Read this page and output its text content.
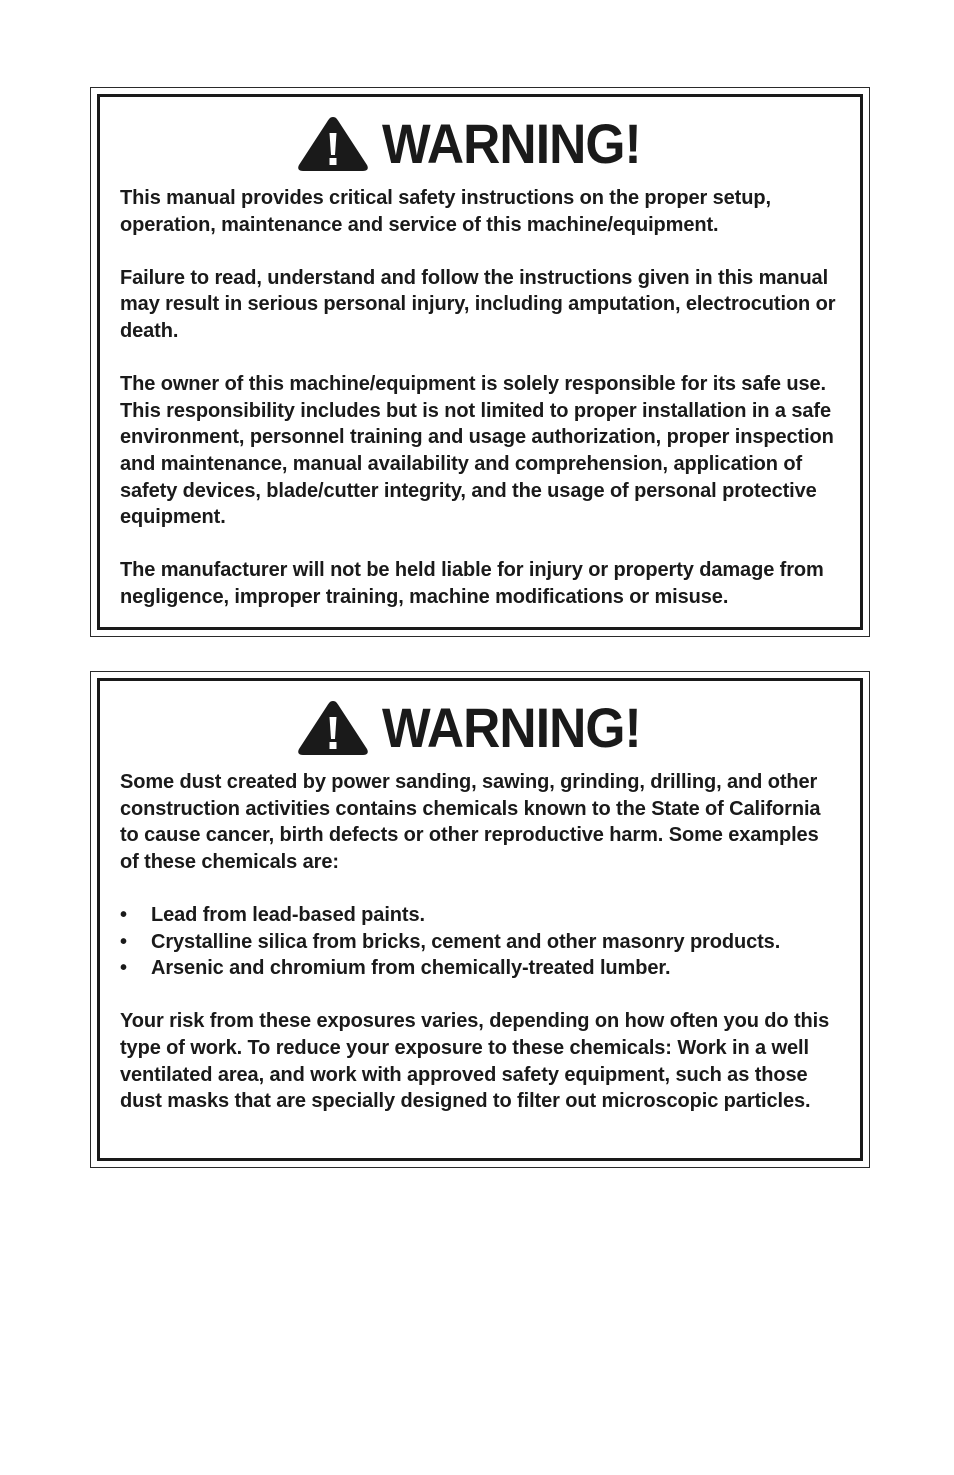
WARNING!

This manual provides critical safety instructions on the proper setup, operation, maintenance and service of this machine/equipment.

Failure to read, understand and follow the instructions given in this manual may result in serious personal injury, including amputation, electrocution or death.

The owner of this machine/equipment is solely responsible for its safe use. This responsibility includes but is not limited to proper installation in a safe environment, personnel training and usage authorization, proper inspection and maintenance, manual availability and comprehension, application of safety devices, blade/cutter integrity, and the usage of personal protective equipment.

The manufacturer will not be held liable for injury or property damage from negligence, improper training, machine modifications or misuse.

WARNING!

Some dust created by power sanding, sawing, grinding, drilling, and other construction activities contains chemicals known to the State of California to cause cancer, birth defects or other reproductive harm. Some examples of these chemicals are:

• Lead from lead-based paints.
• Crystalline silica from bricks, cement and other masonry products.
• Arsenic and chromium from chemically-treated lumber.

Your risk from these exposures varies, depending on how often you do this type of work. To reduce your exposure to these chemicals: Work in a well ventilated area, and work with approved safety equipment, such as those dust masks that are specially designed to filter out microscopic particles.
